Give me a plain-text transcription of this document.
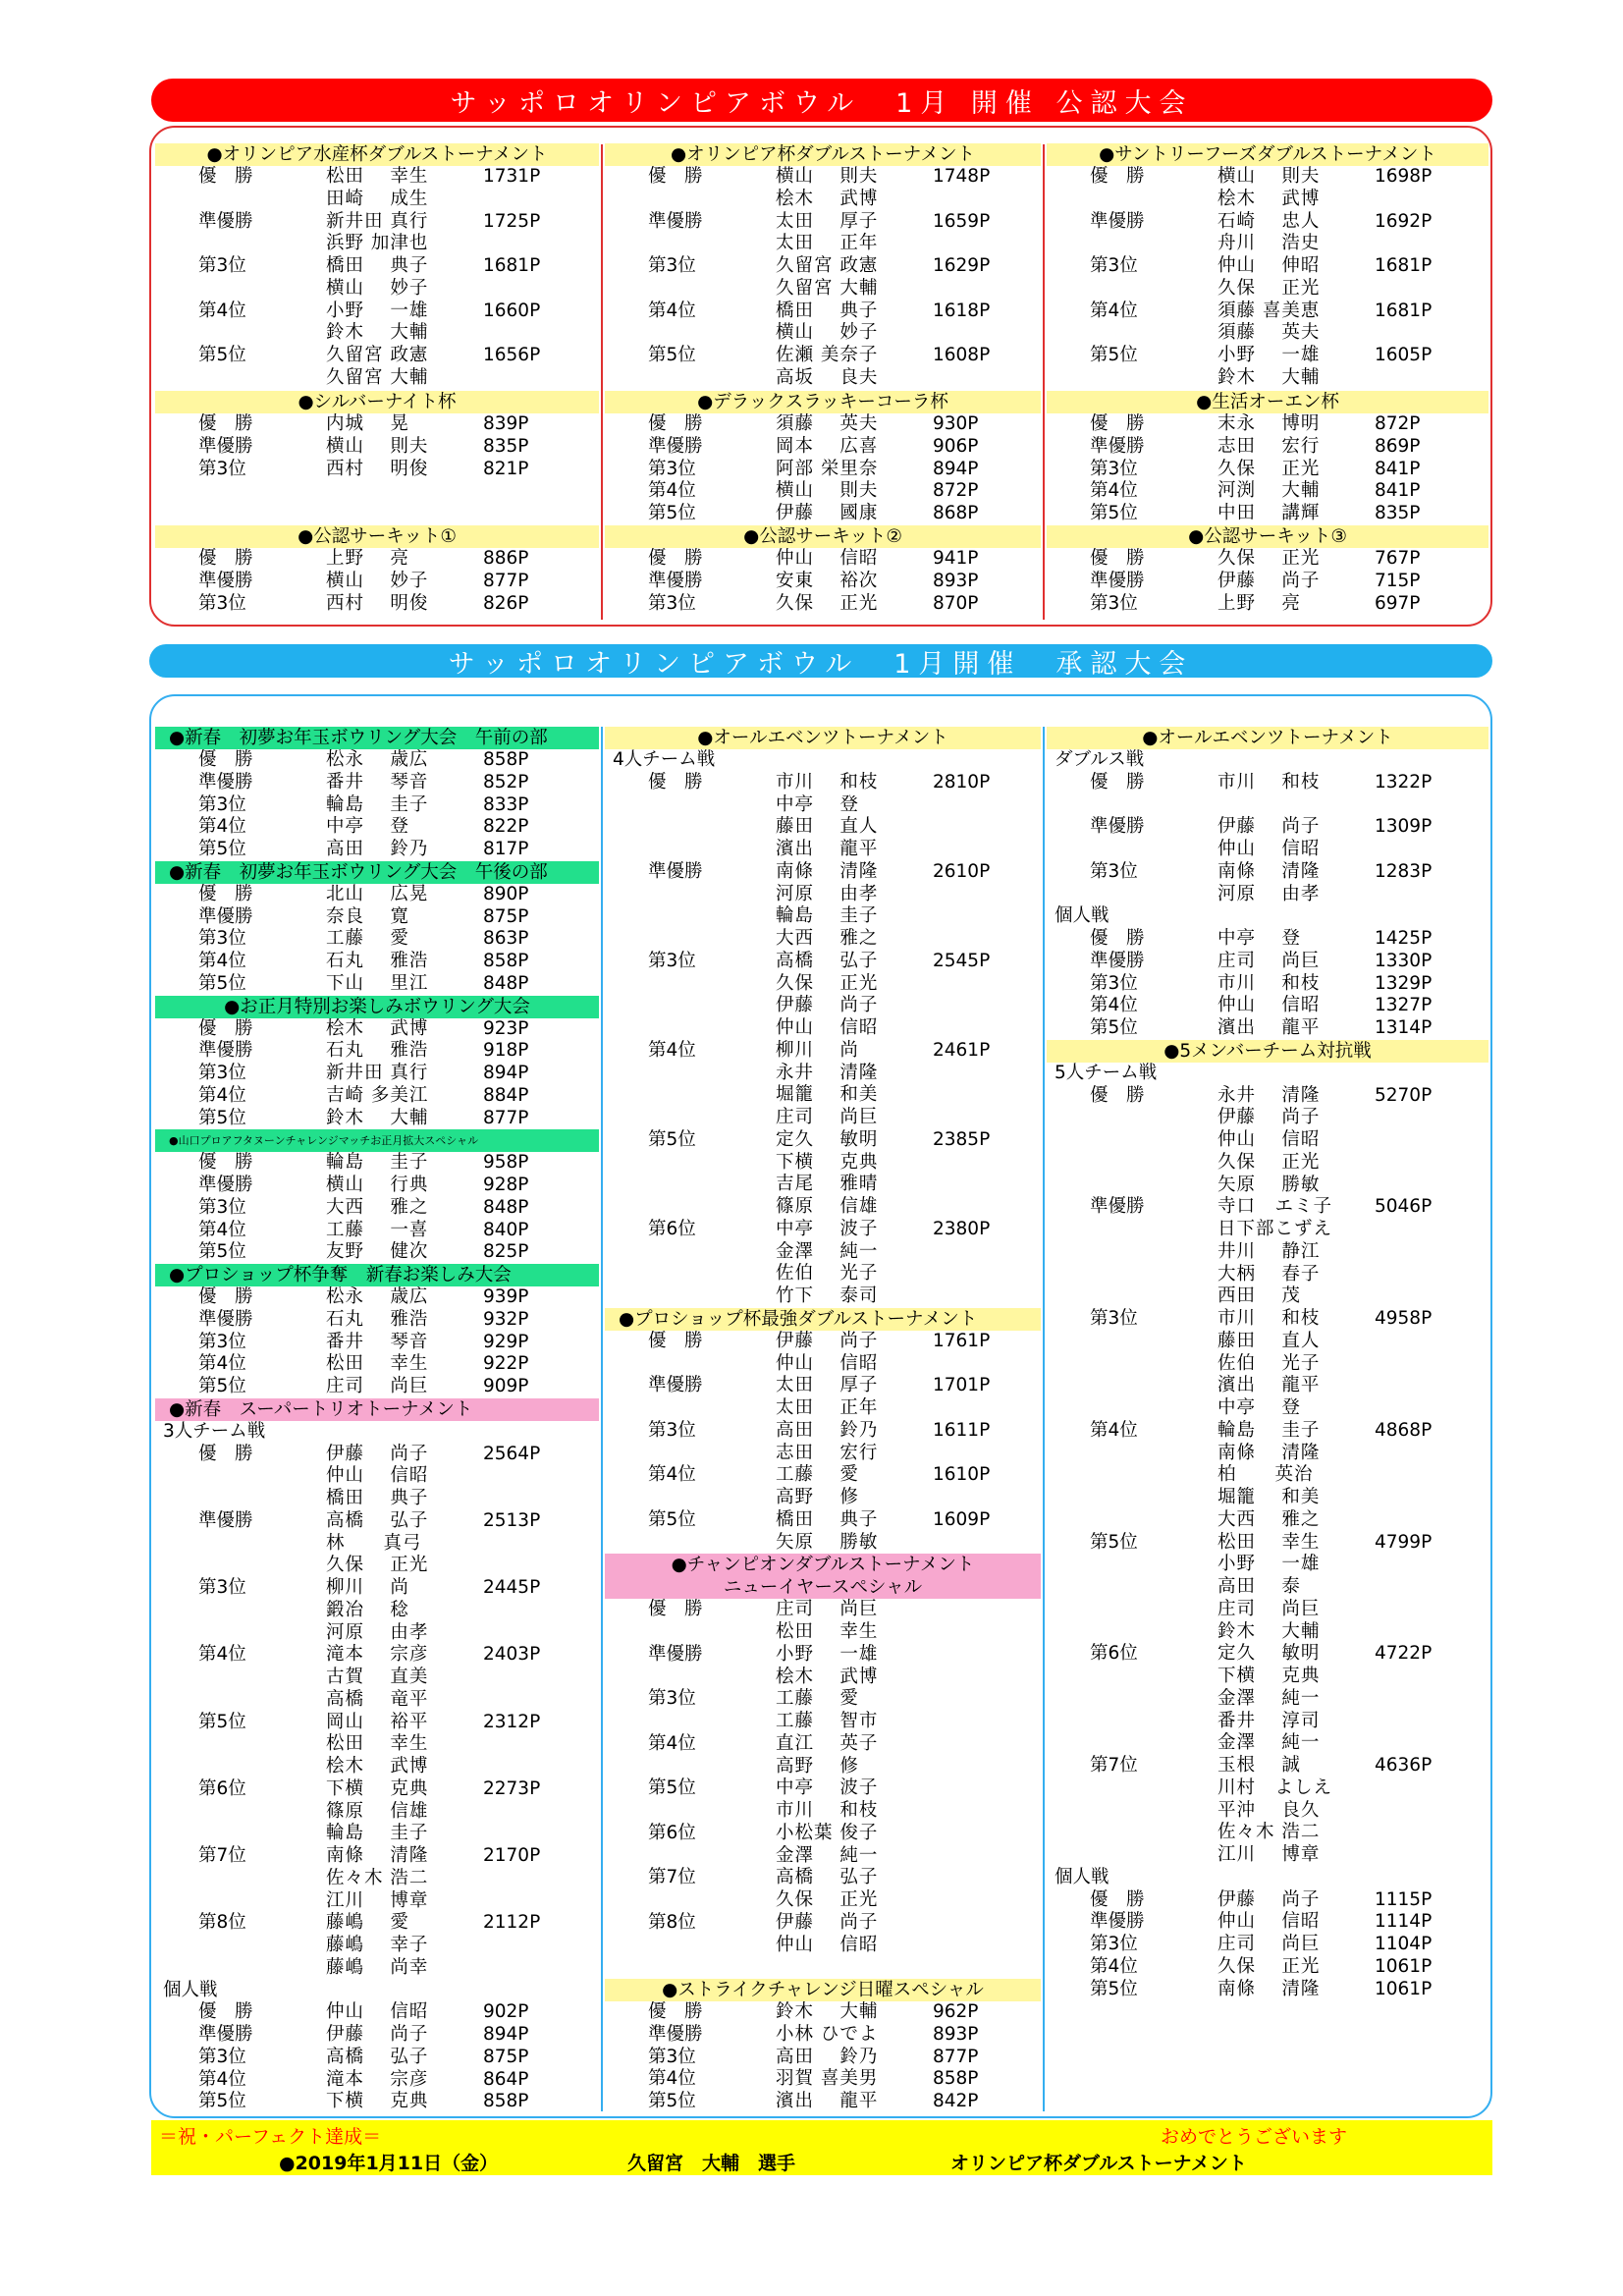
サッポロオリンピアボウル　1月 開催 公認大会
サッポロオリンピアボウル　1月開催　承認大会
●オリンピア水産杯ダブルストーナメント
優　勝	松田　 幸生	1731P
田崎 　成生
準優勝	新井田 真行	1725P
浜野 加津也
第3位	橋田　 典子	1681P
横山　 妙子
第4位	小野　 一雄	1660P
鈴木　 大輔
第5位	久留宮 政憲	1656P
久留宮 大輔
●シルバーナイト杯
優　勝	内城　 晃	839P
準優勝	横山　 則夫	835P
第3位	西村　 明俊	821P
●公認サーキット①
優　勝	上野　 亮	886P
準優勝	横山　 妙子	877P
第3位	西村　 明俊	826P
●オリンピア杯ダブルストーナメント
優　勝	横山　 則夫	1748P
桧木　 武博
準優勝	太田　 厚子	1659P
太田　 正年
第3位	久留宮 政憲	1629P
久留宮 大輔
第4位	橋田　 典子	1618P
横山　 妙子
第5位	佐瀬 美奈子	1608P
高坂　 良夫
●デラックスラッキーコーラ杯
優　勝	須藤　 英夫	930P
準優勝	岡本　 広喜	906P
第3位	阿部 栄里奈	894P
第4位	横山　 則夫	872P
第5位	伊藤　 國康	868P
●公認サーキット②
優　勝	仲山　 信昭	941P
準優勝	安東　 裕次	893P
第3位	久保　 正光	870P
●サントリーフーズダブルストーナメント
優　勝	横山　 則夫	1698P
桧木　 武博
準優勝	石崎　 忠人	1692P
舟川　 浩史
第3位	仲山　 伸昭	1681P
久保　 正光
第4位	須藤 喜美恵	1681P
須藤　 英夫
第5位	小野　 一雄	1605P
鈴木　 大輔
●生活オーエン杯
優　勝	末永　 博明	872P
準優勝	志田　 宏行	869P
第3位	久保　 正光	841P
第4位	河渕　 大輔	841P
第5位	中田　 講輝	835P
●公認サーキット③
優　勝	久保　 正光	767P
準優勝	伊藤　 尚子	715P
第3位	上野　 亮	697P
●新春　初夢お年玉ボウリング大会　午前の部
優　勝	松永　 歳広	858P
準優勝	番井　 琴音	852P
第3位	輪島　 圭子	833P
第4位	中亭　 登	822P
第5位	高田　 鈴乃	817P
●新春　初夢お年玉ボウリング大会　午後の部
優　勝	北山　 広晃	890P
準優勝	奈良　 寛	875P
第3位	工藤　 愛	863P
第4位	石丸　 雅浩	858P
第5位	下山　 里江	848P
●お正月特別お楽しみボウリング大会
優　勝	桧木　 武博	923P
準優勝	石丸　 雅浩	918P
第3位	新井田 真行	894P
第4位	吉崎 多美江	884P
第5位	鈴木　 大輔	877P
●山口プロアフタヌーンチャレンジマッチお正月拡大スペシャル
優　勝	輪島　 圭子	958P
準優勝	横山　 行典	928P
第3位	大西　 雅之	848P
第4位	工藤　 一喜	840P
第5位	友野　 健次	825P
●プロショップ杯争奪　新春お楽しみ大会
優　勝	松永　 歳広	939P
準優勝	石丸　 雅浩	932P
第3位	番井　 琴音	929P
第4位	松田　 幸生	922P
第5位	庄司　 尚巨	909P
●新春　スーパートリオトーナメント
3人チーム戦
優　勝	伊藤　 尚子	2564P
仲山　 信昭
橋田　 典子
準優勝	高橋　 弘子	2513P
林　　真弓
久保　 正光
第3位	柳川　 尚	2445P
鍛冶　 稔
河原　 由孝
第4位	滝本　 宗彦	2403P
古賀　 直美
高橋　 竜平
第5位	岡山　 裕平	2312P
松田　 幸生
桧木　 武博
第6位	下横　 克典	2273P
篠原　 信雄
輪島　 圭子
第7位	南條　 清隆	2170P
佐々木 浩二
江川　 博章
第8位	藤嶋　 愛	2112P
藤嶋　 幸子
藤嶋　 尚幸
個人戦
優　勝	仲山　 信昭	902P
準優勝	伊藤　 尚子	894P
第3位	高橋　 弘子	875P
第4位	滝本　 宗彦	864P
第5位	下横　 克典	858P
●オールエベンツトーナメント
4人チーム戦
優　勝	市川　 和枝	2810P
中亭　 登
藤田　 直人
濱出　 龍平
準優勝	南條　 清隆	2610P
河原　 由孝
輪島　 圭子
大西　 雅之
第3位	高橋　 弘子	2545P
久保　 正光
伊藤　 尚子
仲山　 信昭
第4位	柳川　 尚	2461P
永井　 清隆
堀籠　 和美
庄司　 尚巨
第5位	定久　 敏明	2385P
下横　 克典
吉尾　 雅晴
篠原　 信雄
第6位	中亭　 波子	2380P
金澤　 純一
佐伯　 光子
竹下　 泰司
●プロショップ杯最強ダブルストーナメント
優　勝	伊藤　 尚子	1761P
仲山　 信昭
準優勝	太田　 厚子	1701P
太田　 正年
第3位	高田　 鈴乃	1611P
志田　 宏行
第4位	工藤　 愛	1610P
高野　 修
第5位	橋田　 典子	1609P
矢原　 勝敏
●チャンピオンダブルストーナメント
ニューイヤースペシャル
優　勝	庄司　 尚巨
松田　 幸生
準優勝	小野　 一雄
桧木　 武博
第3位	工藤　 愛
工藤　 智市
第4位	直江　 英子
高野　 修
第5位	中亭　 波子
市川　 和枝
第6位	小松葉 俊子
金澤　 純一
第7位	高橋　 弘子
久保　 正光
第8位	伊藤　 尚子
仲山　 信昭
●ストライクチャレンジ日曜スペシャル
優　勝	鈴木　 大輔	962P
準優勝	小林 ひでよ	893P
第3位	高田　 鈴乃	877P
第4位	羽賀 喜美男	858P
第5位	濱出　 龍平	842P
●オールエベンツトーナメント
ダブルス戦
優　勝	市川　 和枝	1322P
準優勝	伊藤　 尚子	1309P
仲山　 信昭
第3位	南條　 清隆	1283P
河原　 由孝
個人戦
優　勝	中亭　 登	1425P
準優勝	庄司　 尚巨	1330P
第3位	市川　 和枝	1329P
第4位	仲山　 信昭	1327P
第5位	濱出　 龍平	1314P
●5メンバーチーム対抗戦
5人チーム戦
優　勝	永井　 清隆	5270P
伊藤　 尚子
仲山　 信昭
久保　 正光
矢原　 勝敏
準優勝	寺口　エミ子 5046P
日下部こずえ
井川　 静江
大柄　 春子
西田　 茂
第3位	市川　 和枝	4958P
藤田　 直人
佐伯　 光子
濱出　 龍平
中亭　 登
第4位	輪島　 圭子	4868P
南條　 清隆
柏　　英治
堀籠　 和美
大西　 雅之
第5位	松田　 幸生	4799P
小野　 一雄
高田　 泰
庄司　 尚巨
鈴木　 大輔
第6位	定久　 敏明	4722P
下横　 克典
金澤　 純一
番井　 淳司
金澤　 純一
第7位	玉根　 誠	4636P
川村　よしえ
平沖　 良久
佐々木 浩二
江川　 博章
個人戦
優　勝	伊藤　 尚子	1115P
準優勝	仲山　 信昭	1114P
第3位	庄司　 尚巨	1104P
第4位	久保　 正光	1061P
第5位	南條　 清隆	1061P
＝祝・パーフェクト達成＝	おめでとうございます
●2019年1月11日（金）	久留宮　大輔　選手	オリンピア杯ダブルストーナメント
